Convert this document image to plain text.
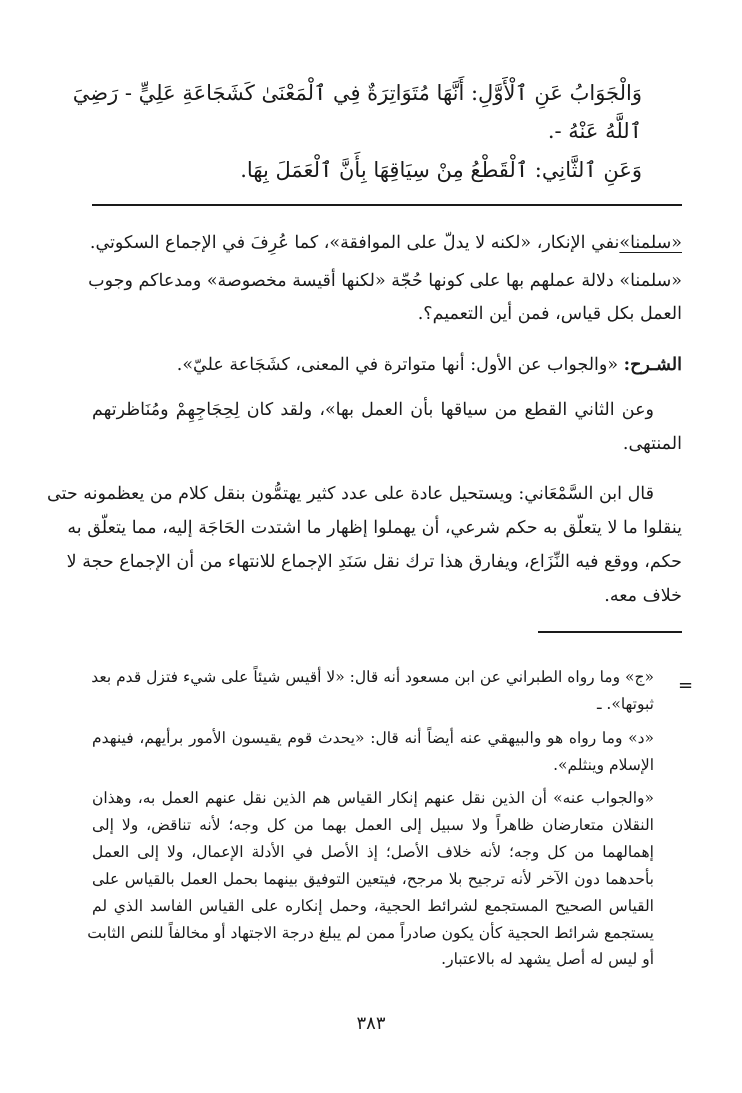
وَالْجَوَابُ عَنِ ٱلْأَوَّلِ: أَنَّهَا مُتَوَاتِرَةٌ فِي ٱلْمَعْنَىٰ كَشَجَاعَةِ عَلِيٍّ - رَضِيَ
ٱللَّهُ عَنْهُ -.
وَعَنِ ٱلثَّانِي: ٱلْقَطْعُ مِنْ سِيَاقِهَا بِأَنَّ ٱلْعَمَلَ بِهَا.
«سلمنا»نفي الإنكار، «لكنه لا يدلّ على الموافقة»، كما عُرِفَ في الإجماع السكوتي.
«سلمنا» دلالة عملهم بها على كونها حُجّة «لكنها أقيسة مخصوصة» ومدعاكم وجوب
العمل بكل قياس، فمن أين التعميم؟.
الشـرح: «والجواب عن الأول: أنها متواترة في المعنى، كشَجَاعة عليّ».
وعن الثاني القطع من سياقها بأن العمل بها»، ولقد كان لِحِجَاجِهِمْ ومُنَاظرتهم
المنتهى.
قال ابن السَّمْعَاني: ويستحيل عادة على عدد كثير يهتمُّون بنقل كلام من يعظمونه حتى
ينقلوا ما لا يتعلّق به حكم شرعي، أن يهملوا إظهار ما اشتدت الحَاجَة إليه، مما يتعلّق به
حكم، ووقع فيه النِّزَاع، ويفارق هذا ترك نقل سَنَدِ الإجماع للانتهاء من أن الإجماع حجة لا
خلاف معه.
=
«ج» وما رواه الطبراني عن ابن مسعود أنه قال: «لا أقيس شيئاً على شيء فتزل قدم بعد
ثبوتها». ـ
«د» وما رواه هو والبيهقي عنه أيضاً أنه قال: «يحدث قوم يقيسون الأمور برأيهم، فينهدم
الإسلام وينثلم».
«والجواب عنه» أن الذين نقل عنهم إنكار القياس هم الذين نقل عنهم العمل به، وهذان
النقلان متعارضان ظاهراً ولا سبيل إلى العمل بهما من كل وجه؛ لأنه تناقض، ولا إلى
إهمالهما من كل وجه؛ لأنه خلاف الأصل؛ إذ الأصل في الأدلة الإعمال، ولا إلى العمل
بأحدهما دون الآخر لأنه ترجيح بلا مرجح، فيتعين التوفيق بينهما بحمل العمل بالقياس على
القياس الصحيح المستجمع لشرائط الحجية، وحمل إنكاره على القياس الفاسد الذي لم
يستجمع شرائط الحجية كأن يكون صادراً ممن لم يبلغ درجة الاجتهاد أو مخالفاً للنص الثابت
أو ليس له أصل يشهد له بالاعتبار.
٣٨٣
